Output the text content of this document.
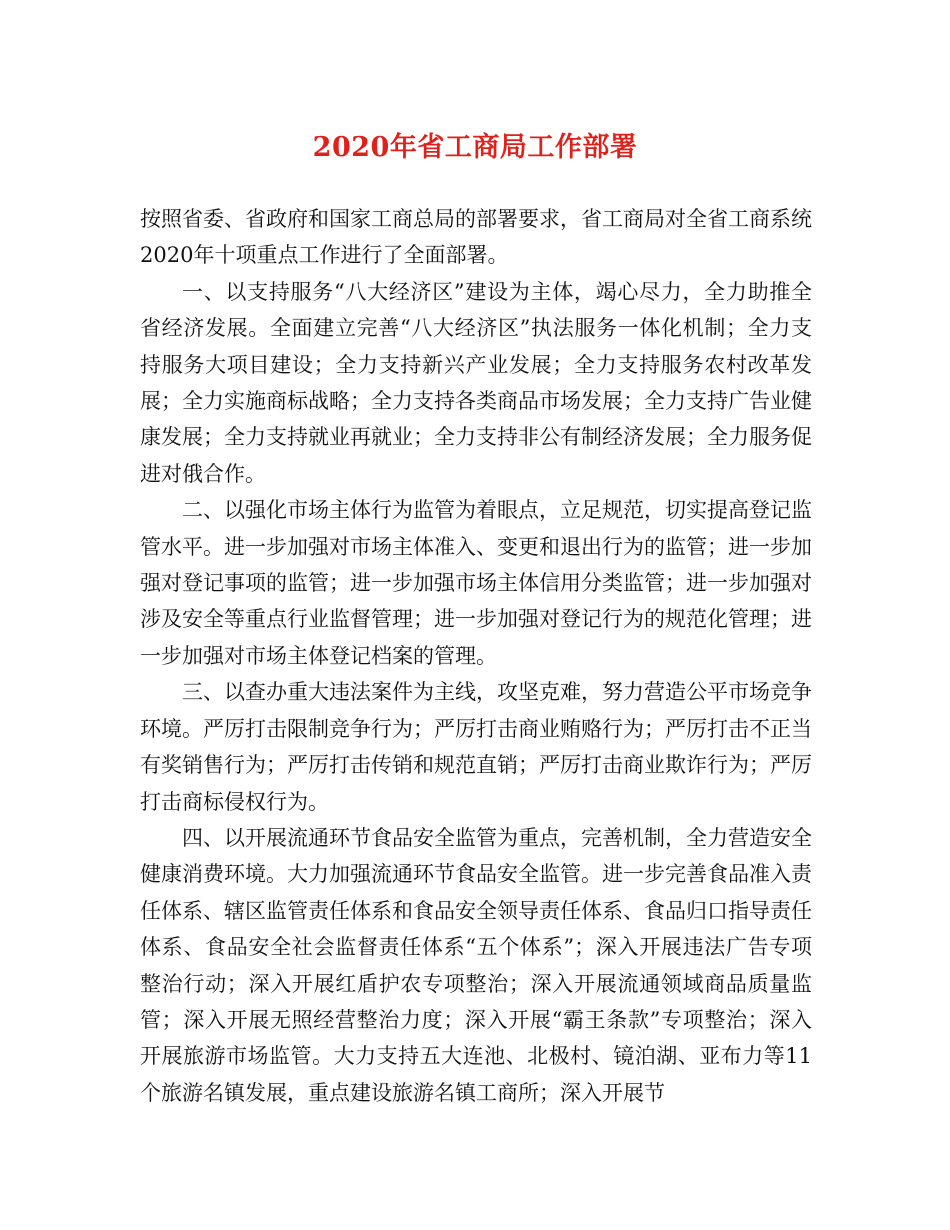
2020年省工商局工作部署

按照省委、省政府和国家工商总局的部署要求，省工商局对全省工商系统2020年十项重点工作进行了全面部署。

一、以支持服务“八大经济区”建设为主体，竭心尽力，全力助推全省经济发展。全面建立完善“八大经济区”执法服务一体化机制；全力支持服务大项目建设；全力支持新兴产业发展；全力支持服务农村改革发展；全力实施商标战略；全力支持各类商品市场发展；全力支持广告业健康发展；全力支持就业再就业；全力支持非公有制经济发展；全力服务促进对俄合作。

二、以强化市场主体行为监管为着眼点，立足规范，切实提高登记监管水平。进一步加强对市场主体准入、变更和退出行为的监管；进一步加强对登记事项的监管；进一步加强市场主体信用分类监管；进一步加强对涉及安全等重点行业监督管理；进一步加强对登记行为的规范化管理；进一步加强对市场主体登记档案的管理。

三、以查办重大违法案件为主线，攻坚克难，努力营造公平市场竞争环境。严厉打击限制竞争行为；严厉打击商业贿赂行为；严厉打击不正当有奖销售行为；严厉打击传销和规范直销；严厉打击商业欺诈行为；严厉打击商标侵权行为。

四、以开展流通环节食品安全监管为重点，完善机制，全力营造安全健康消费环境。大力加强流通环节食品安全监管。进一步完善食品准入责任体系、辖区监管责任体系和食品安全领导责任体系、食品归口指导责任体系、食品安全社会监督责任体系“五个体系”；深入开展违法广告专项整治行动；深入开展红盾护农专项整治；深入开展流通领域商品质量监管；深入开展无照经营整治力度；深入开展“霸王条款”专项整治；深入开展旅游市场监管。大力支持五大连池、北极村、镜泊湖、亚布力等11个旅游名镇发展，重点建设旅游名镇工商所；深入开展节
